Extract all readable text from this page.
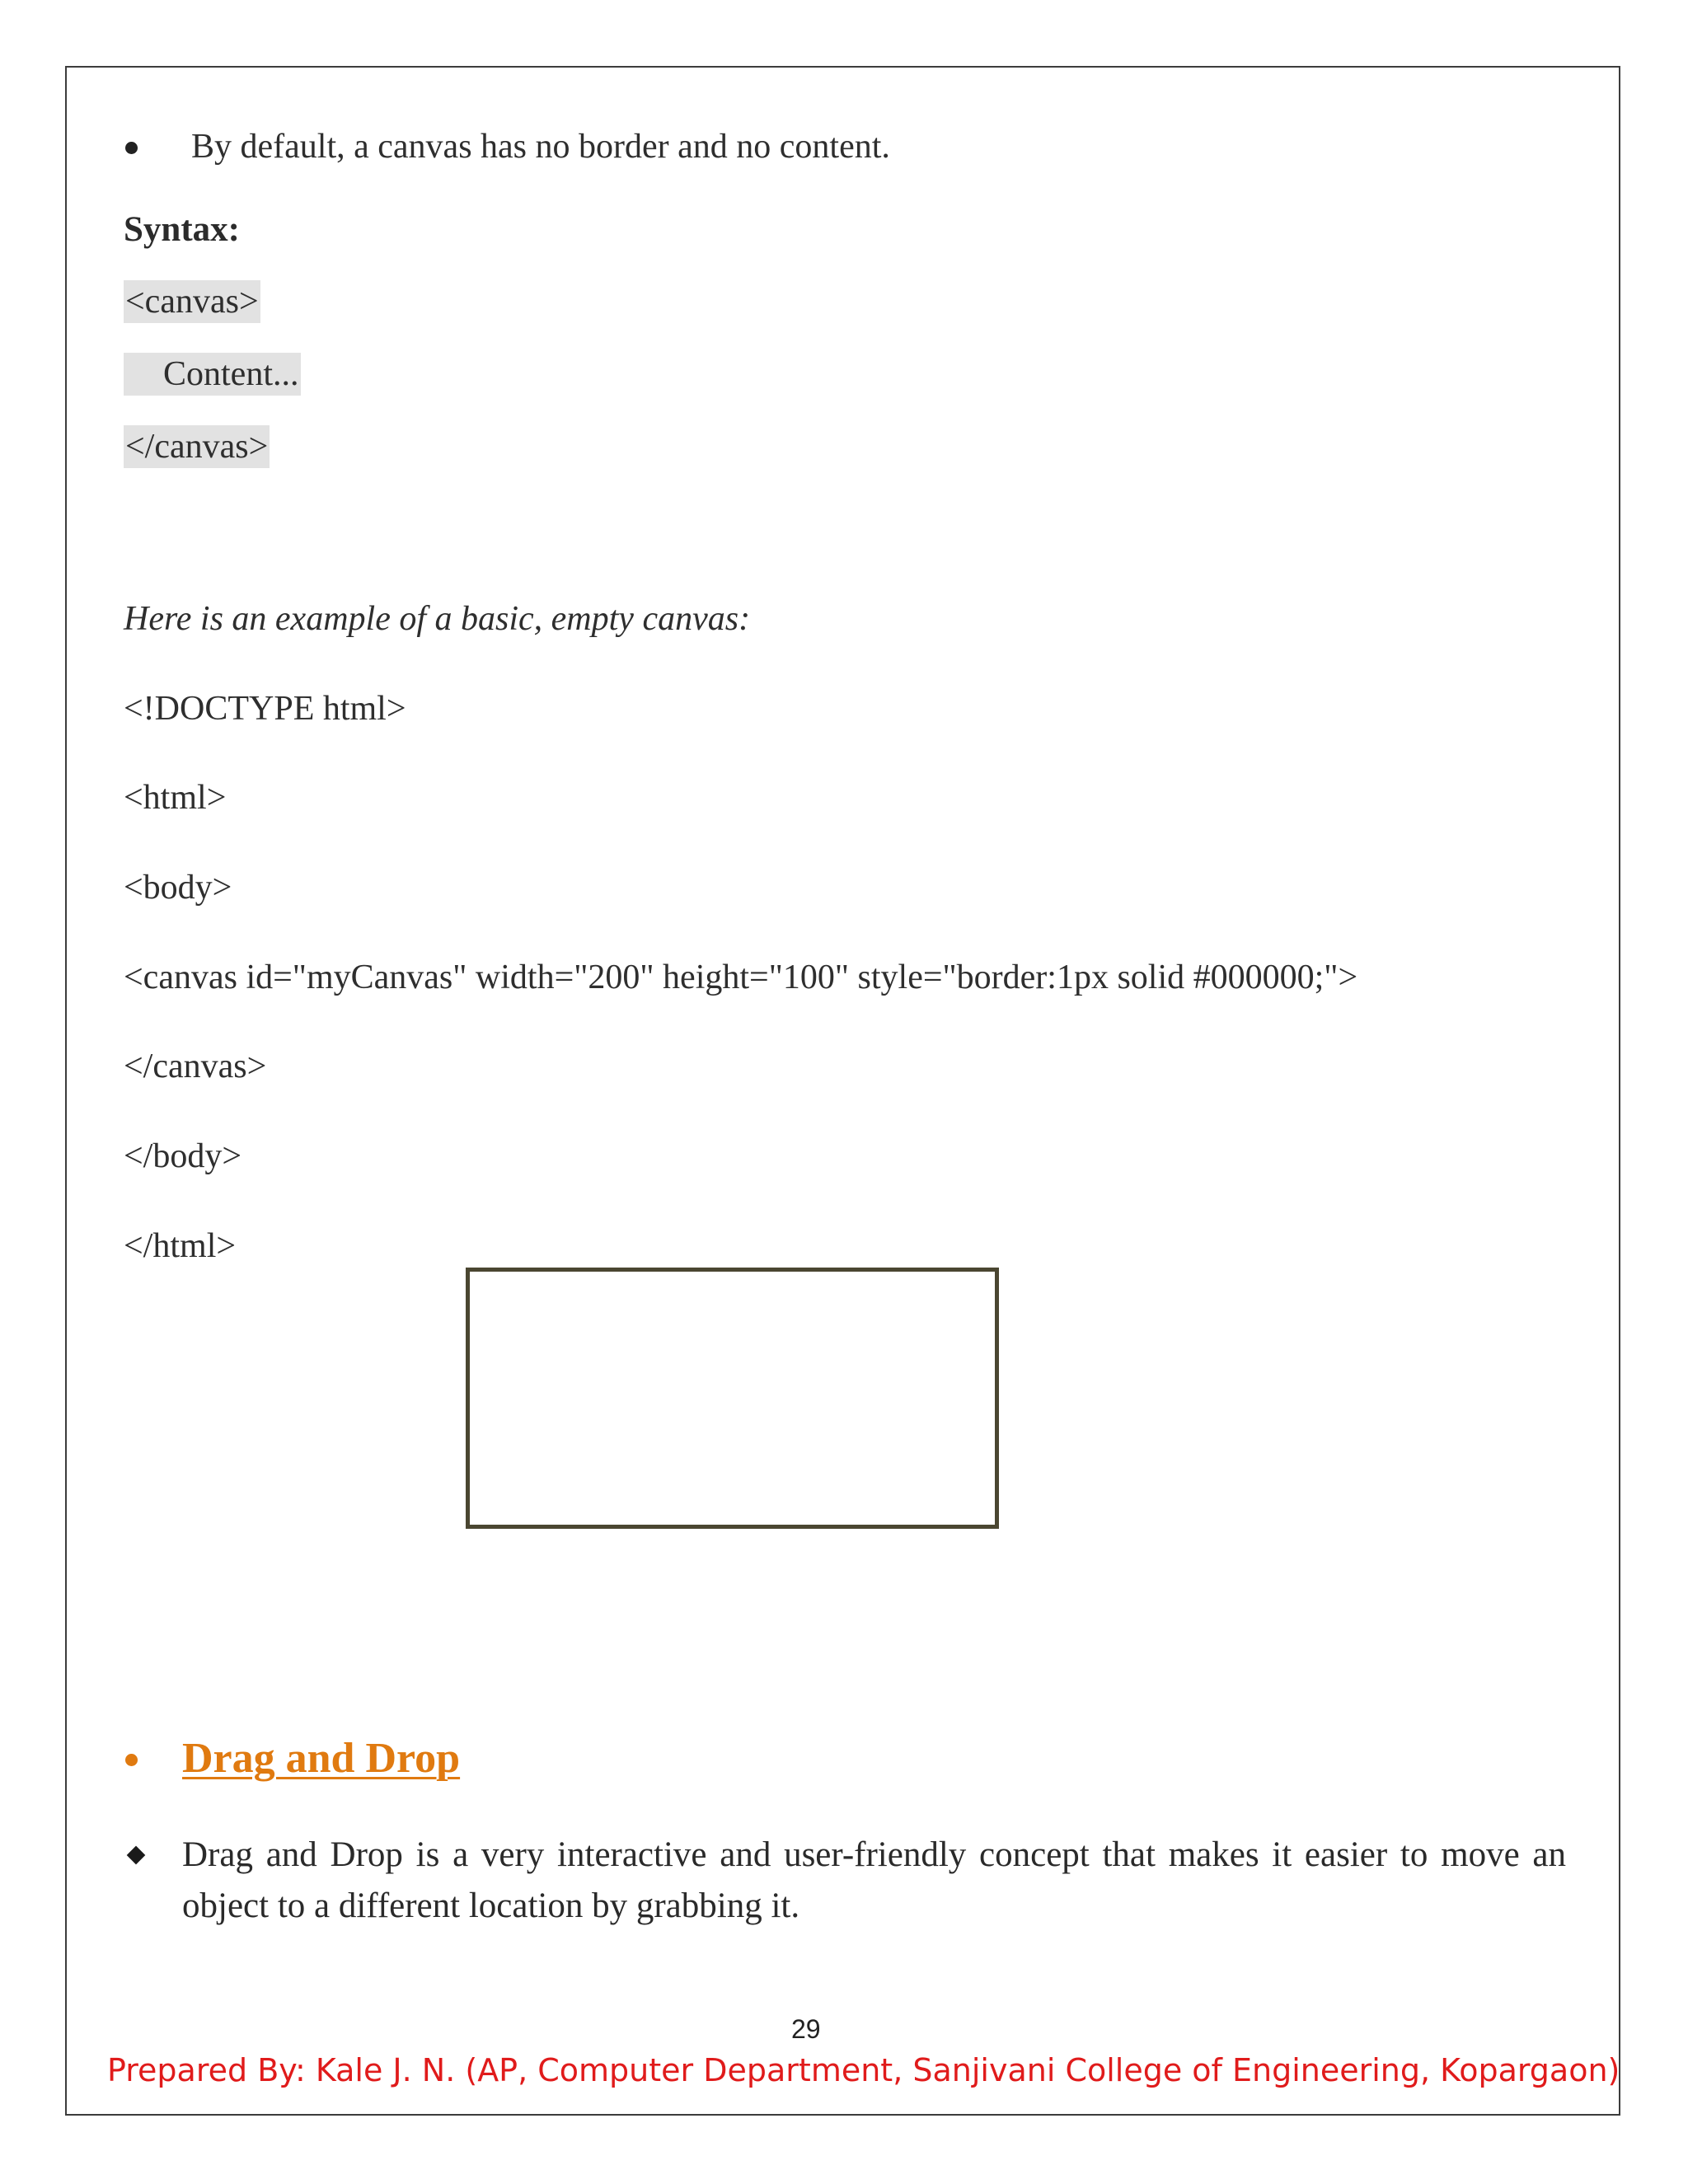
By default, a canvas has no border and no content.
Syntax:
<canvas>
Content...
</canvas>
Here is an example of a basic, empty canvas:
<!DOCTYPE html>
<html>
<body>
<canvas id="myCanvas" width="200" height="100" style="border:1px solid #000000;">
</canvas>
</body>
</html>
Drag and Drop
Drag and Drop is a very interactive and user-friendly concept that makes it easier to move an object to a different location by grabbing it.
29
Prepared By: Kale J. N. (AP, Computer Department, Sanjivani College of Engineering, Kopargaon)
